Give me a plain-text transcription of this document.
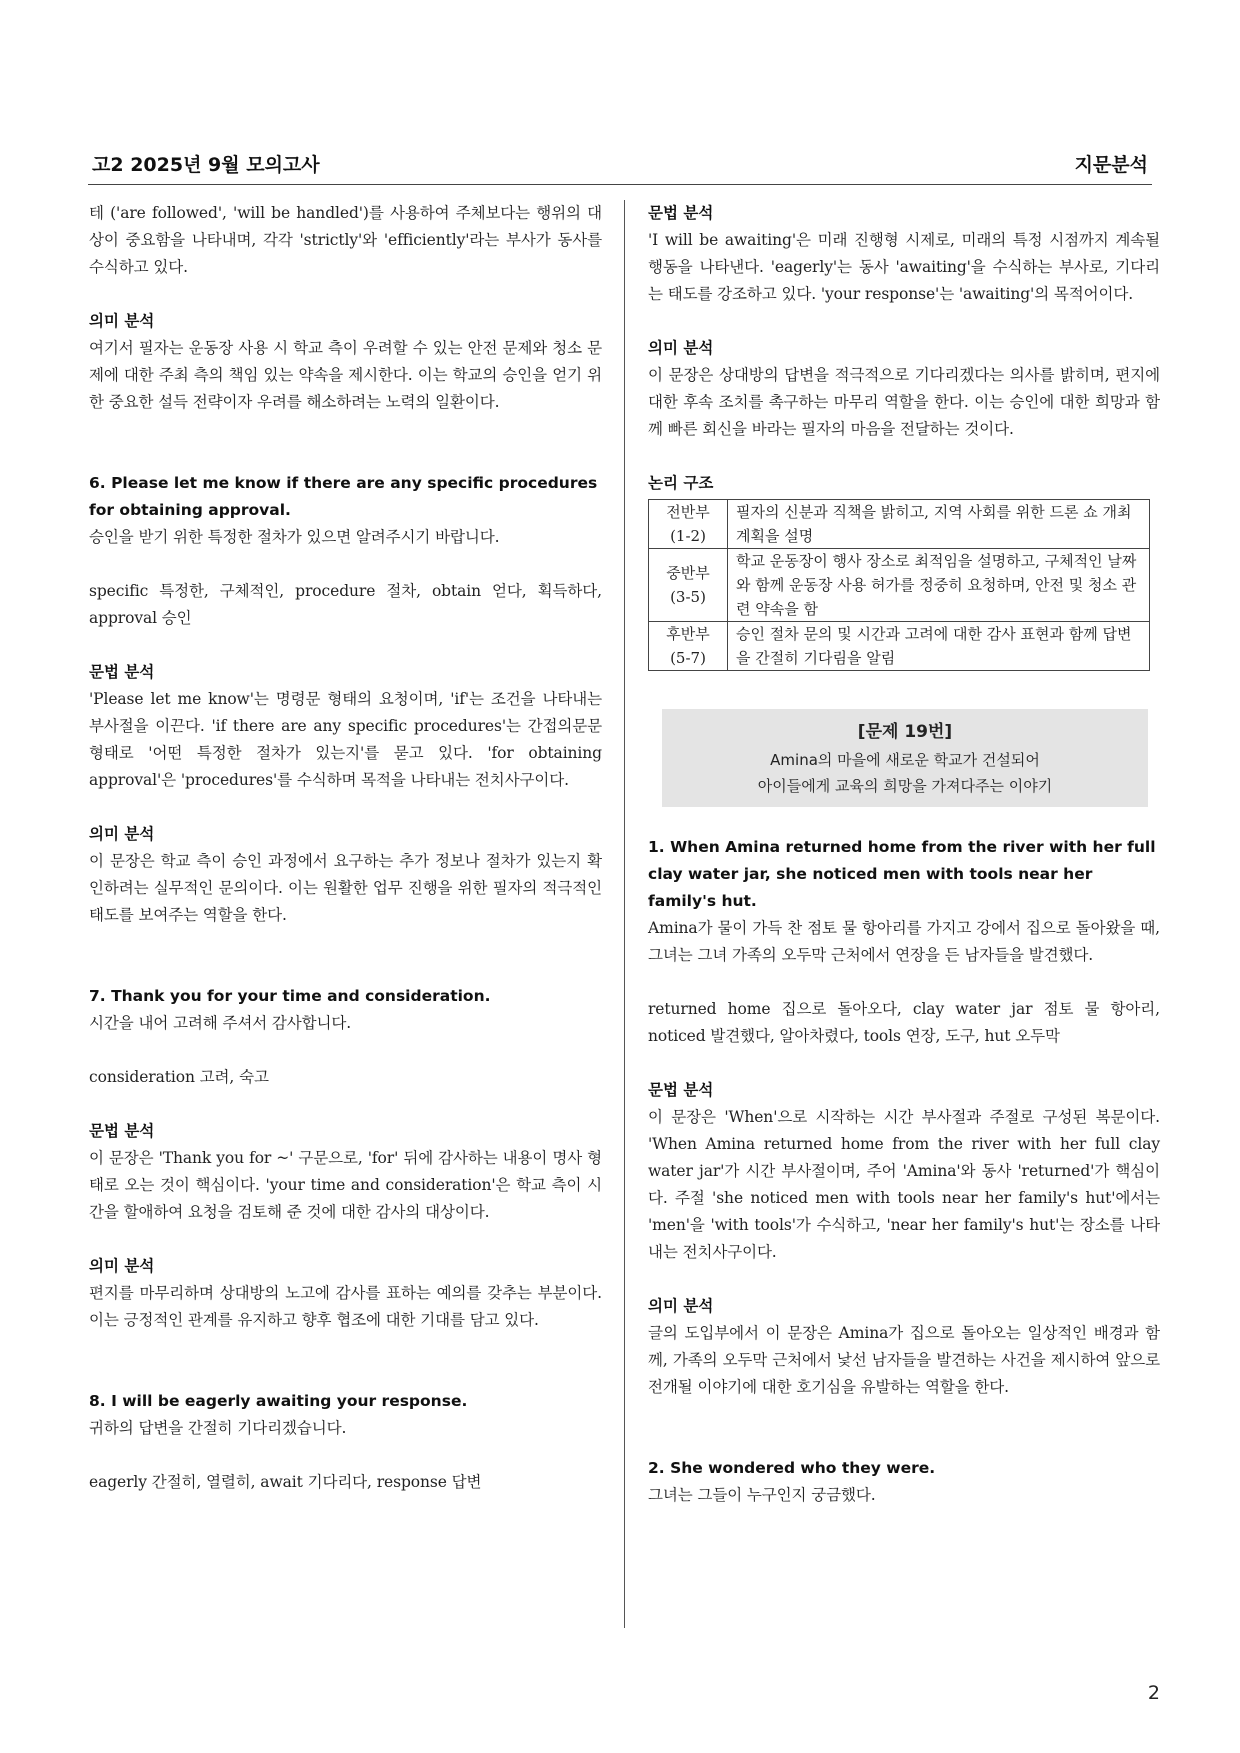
고2 2025년 9월 모의고사	지문분석

테 ('are followed', 'will be handled')를 사용하여 주체보다는 행위의 대상이 중요함을 나타내며, 각각 'strictly'와 'efficiently'라는 부사가 동사를 수식하고 있다.

의미 분석

여기서 필자는 운동장 사용 시 학교 측이 우려할 수 있는 안전 문제와 청소 문제에 대한 주최 측의 책임 있는 약속을 제시한다. 이는 학교의 승인을 얻기 위한 중요한 설득 전략이자 우려를 해소하려는 노력의 일환이다.

6. Please let me know if there are any specific procedures for obtaining approval.

승인을 받기 위한 특정한 절차가 있으면 알려주시기 바랍니다.

specific 특정한, 구체적인, procedure 절차, obtain 얻다, 획득하다, approval 승인

문법 분석

'Please let me know'는 명령문 형태의 요청이며, 'if'는 조건을 나타내는 부사절을 이끈다. 'if there are any specific procedures'는 간접의문문 형태로 '어떤 특정한 절차가 있는지'를 묻고 있다. 'for obtaining approval'은 'procedures'를 수식하며 목적을 나타내는 전치사구이다.

의미 분석

이 문장은 학교 측이 승인 과정에서 요구하는 추가 정보나 절차가 있는지 확인하려는 실무적인 문의이다. 이는 원활한 업무 진행을 위한 필자의 적극적인 태도를 보여주는 역할을 한다.

7. Thank you for your time and consideration.

시간을 내어 고려해 주셔서 감사합니다.

consideration 고려, 숙고

문법 분석

이 문장은 'Thank you for ~' 구문으로, 'for' 뒤에 감사하는 내용이 명사 형태로 오는 것이 핵심이다. 'your time and consideration'은 학교 측이 시간을 할애하여 요청을 검토해 준 것에 대한 감사의 대상이다.

의미 분석

편지를 마무리하며 상대방의 노고에 감사를 표하는 예의를 갖추는 부분이다. 이는 긍정적인 관계를 유지하고 향후 협조에 대한 기대를 담고 있다.

8. I will be eagerly awaiting your response.

귀하의 답변을 간절히 기다리겠습니다.

eagerly 간절히, 열렬히, await 기다리다, response 답변

문법 분석

'I will be awaiting'은 미래 진행형 시제로, 미래의 특정 시점까지 계속될 행동을 나타낸다. 'eagerly'는 동사 'awaiting'을 수식하는 부사로, 기다리는 태도를 강조하고 있다. 'your response'는 'awaiting'의 목적어이다.

의미 분석

이 문장은 상대방의 답변을 적극적으로 기다리겠다는 의사를 밝히며, 편지에 대한 후속 조치를 촉구하는 마무리 역할을 한다. 이는 승인에 대한 희망과 함께 빠른 회신을 바라는 필자의 마음을 전달하는 것이다.

논리 구조

전반부
(1-2)	필자의 신분과 직책을 밝히고, 지역 사회를 위한 드론 쇼 개최 계획을 설명
중반부
(3-5)	학교 운동장이 행사 장소로 최적임을 설명하고, 구체적인 날짜와 함께 운동장 사용 허가를 정중히 요청하며, 안전 및 청소 관련 약속을 함
후반부
(5-7)	승인 절차 문의 및 시간과 고려에 대한 감사 표현과 함께 답변을 간절히 기다림을 알림
[문제 19번]
Amina의 마을에 새로운 학교가 건설되어
아이들에게 교육의 희망을 가져다주는 이야기

1. When Amina returned home from the river with her full clay water jar, she noticed men with tools near her family's hut.

Amina가 물이 가득 찬 점토 물 항아리를 가지고 강에서 집으로 돌아왔을 때, 그녀는 그녀 가족의 오두막 근처에서 연장을 든 남자들을 발견했다.

returned home 집으로 돌아오다, clay water jar 점토 물 항아리, noticed 발견했다, 알아차렸다, tools 연장, 도구, hut 오두막

문법 분석

이 문장은 'When'으로 시작하는 시간 부사절과 주절로 구성된 복문이다. 'When Amina returned home from the river with her full clay water jar'가 시간 부사절이며, 주어 'Amina'와 동사 'returned'가 핵심이다. 주절 'she noticed men with tools near her family's hut'에서는 'men'을 'with tools'가 수식하고, 'near her family's hut'는 장소를 나타내는 전치사구이다.

의미 분석

글의 도입부에서 이 문장은 Amina가 집으로 돌아오는 일상적인 배경과 함께, 가족의 오두막 근처에서 낯선 남자들을 발견하는 사건을 제시하여 앞으로 전개될 이야기에 대한 호기심을 유발하는 역할을 한다.

2. She wondered who they were.

그녀는 그들이 누구인지 궁금했다.

2
